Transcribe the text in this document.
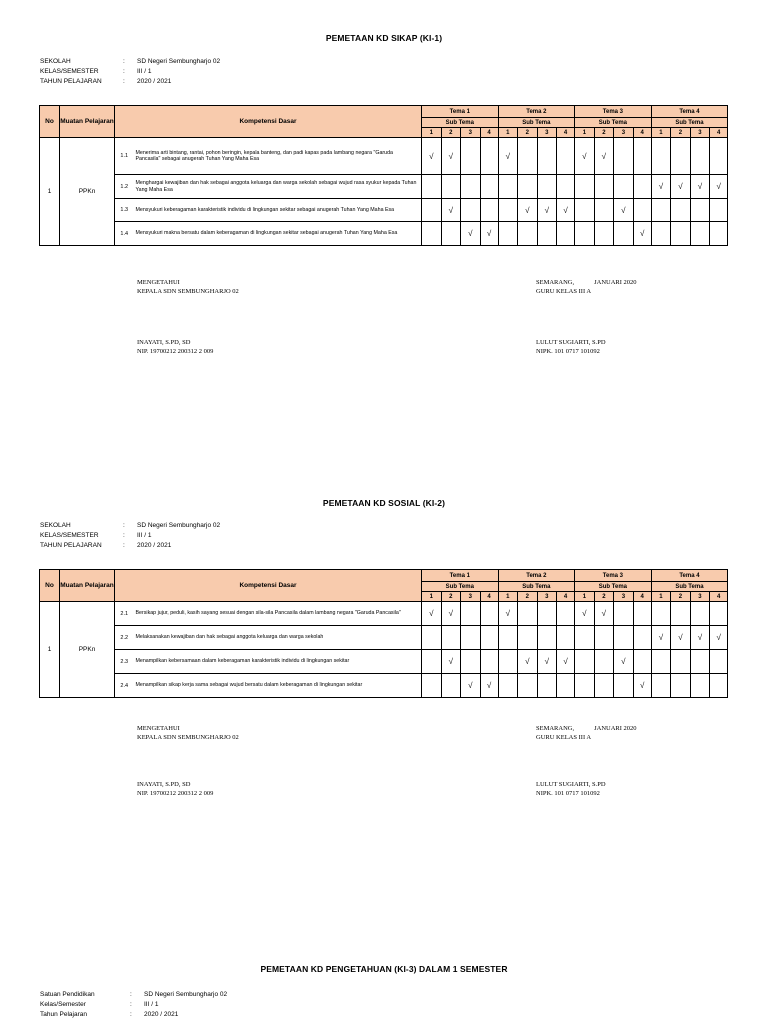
PEMETAAN KD SIKAP (KI-1)
SEKOLAH	: SD Negeri Sembungharjo 02
KELAS/SEMESTER	: III / 1
TAHUN PELAJARAN	: 2020 / 2021
No	Muatan Pelajaran	Kompetensi Dasar		Tema 1				Tema 2				Tema 3				Tema 4			
				Sub Tema				Sub Tema				Sub Tema				Sub Tema			
				1	2	3	4	1	2	3	4	1	2	3	4	1	2	3	4
1	PPKn	1.1	Menerima arti bintang, rantai, pohon beringin, kepala banteng, dan padi kapas pada lambang negara "Garuda Pancasila" sebagai anugerah Tuhan Yang Maha Esa	√	√			√				√	√						
		1.2	Menghargai kewajiban dan hak sebagai anggota keluarga dan warga sekolah sebagai wujud rasa syukur kepada Tuhan Yang Maha Esa													√	√	√	√
		1.3	Mensyukuri keberagaman karakteristik individu di lingkungan sekitar sebagai anugerah Tuhan Yang Maha Esa		√				√	√	√			√					
		1.4	Mensyukuri makna bersatu dalam keberagaman di lingkungan sekitar sebagai anugerah Tuhan Yang Maha Esa			√	√								√				
MENGETAHUI
KEPALA SDN SEMBUNGHARJO 02
INAYATI, S.PD, SD
NIP. 19700212 200312 2 009
SEMARANG,	JANUARI 2020
GURU KELAS III A
LULUT SUGIARTI, S.PD
NIPK. 101 0717 101092
PEMETAAN KD SOSIAL (KI-2)
SEKOLAH	: SD Negeri Sembungharjo 02
KELAS/SEMESTER	: III / 1
TAHUN PELAJARAN	: 2020 / 2021
No	Muatan Pelajaran	Kompetensi Dasar		Tema 1				Tema 2				Tema 3				Tema 4			
				Sub Tema				Sub Tema				Sub Tema				Sub Tema			
				1	2	3	4	1	2	3	4	1	2	3	4	1	2	3	4
1	PPKn	2.1	Bersikap jujur, peduli, kasih sayang sesuai dengan sila-sila Pancasila dalam lambang negara "Garuda Pancasila"	√	√			√				√	√						
		2.2	Melaksanakan kewajiban dan hak sebagai anggota keluarga dan warga sekolah													√	√	√	√
		2.3	Menampilkan kebersamaan dalam keberagaman karakteristik individu di lingkungan sekitar		√				√	√	√			√					
		2.4	Menampilkan sikap kerja sama sebagai wujud bersatu dalam keberagaman di lingkungan sekitar			√	√								√				
MENGETAHUI
KEPALA SDN SEMBUNGHARJO 02
INAYATI, S.PD, SD
NIP. 19700212 200312 2 009
SEMARANG,	JANUARI 2020
GURU KELAS III A
LULUT SUGIARTI, S.PD
NIPK. 101 0717 101092
PEMETAAN KD PENGETAHUAN (KI-3) DALAM 1 SEMESTER
Satuan Pendidikan	: SD Negeri Sembungharjo 02
Kelas/Semester	: III / 1
Tahun Pelajaran	: 2020 / 2021
